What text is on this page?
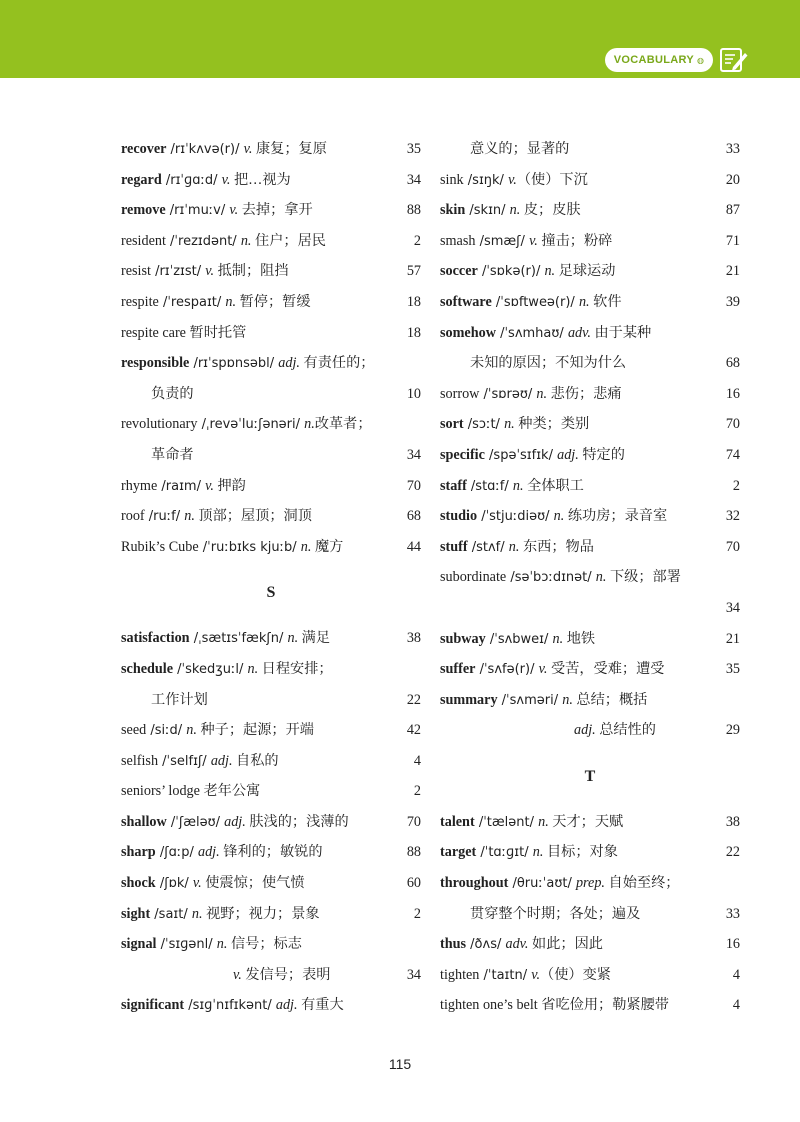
VOCABULARY ◍
recover /rɪˈkʌvə(r)/ v. 康复；复原	35
regard /rɪˈɡɑːd/ v. 把…视为	34
remove /rɪˈmuːv/ v. 去掉；拿开	88
resident /ˈrezɪdənt/ n. 住户；居民	2
resist /rɪˈzɪst/ v. 抵制；阻挡	57
respite /ˈrespaɪt/ n. 暂停；暂缓	18
respite care 暂时托管	18
responsible /rɪˈspɒnsəbl/ adj. 有责任的；
负责的	10
revolutionary /ˌrevəˈluːʃənəri/ n.改革者；
革命者	34
rhyme /raɪm/ v. 押韵	70
roof /ruːf/ n. 顶部；屋顶；洞顶	68
Rubik’s Cube /ˈruːbɪks kjuːb/ n. 魔方	44
S
satisfaction /ˌsætɪsˈfækʃn/ n. 满足	38
schedule /ˈskedʒuːl/ n. 日程安排；
工作计划	22
seed /siːd/ n. 种子；起源；开端	42
selfish /ˈselfɪʃ/ adj. 自私的	4
seniors’ lodge 老年公寓	2
shallow /ˈʃæləʊ/ adj. 肤浅的；浅薄的	70
sharp /ʃɑːp/ adj. 锋利的；敏锐的	88
shock /ʃɒk/ v. 使震惊；使气愤	60
sight /saɪt/ n. 视野；视力；景象	2
signal /ˈsɪɡənl/ n. 信号；标志
v. 发信号；表明	34
significant /sɪɡˈnɪfɪkənt/ adj. 有重大
意义的；显著的	33
sink /sɪŋk/ v.（使）下沉	20
skin /skɪn/ n. 皮；皮肤	87
smash /smæʃ/ v. 撞击；粉碎	71
soccer /ˈsɒkə(r)/ n. 足球运动	21
software /ˈsɒftweə(r)/ n. 软件	39
somehow /ˈsʌmhaʊ/ adv. 由于某种
未知的原因；不知为什么	68
sorrow /ˈsɒrəʊ/ n. 悲伤；悲痛	16
sort /sɔːt/ n. 种类；类别	70
specific /spəˈsɪfɪk/ adj. 特定的	74
staff /stɑːf/ n. 全体职工	2
studio /ˈstjuːdiəʊ/ n. 练功房；录音室	32
stuff /stʌf/ n. 东西；物品	70
subordinate /səˈbɔːdɪnət/ n. 下级；部署
34
subway /ˈsʌbweɪ/ n. 地铁	21
suffer /ˈsʌfə(r)/ v. 受苦，受难；遭受	35
summary /ˈsʌməri/ n. 总结；概括
adj. 总结性的	29
T
talent /ˈtælənt/ n. 天才；天赋	38
target /ˈtɑːɡɪt/ n. 目标；对象	22
throughout /θruːˈaʊt/ prep. 自始至终；
贯穿整个时期；各处；遍及	33
thus /ðʌs/ adv. 如此；因此	16
tighten /ˈtaɪtn/ v.（使）变紧	4
tighten one’s belt 省吃俭用；勒紧腰带	4
115
